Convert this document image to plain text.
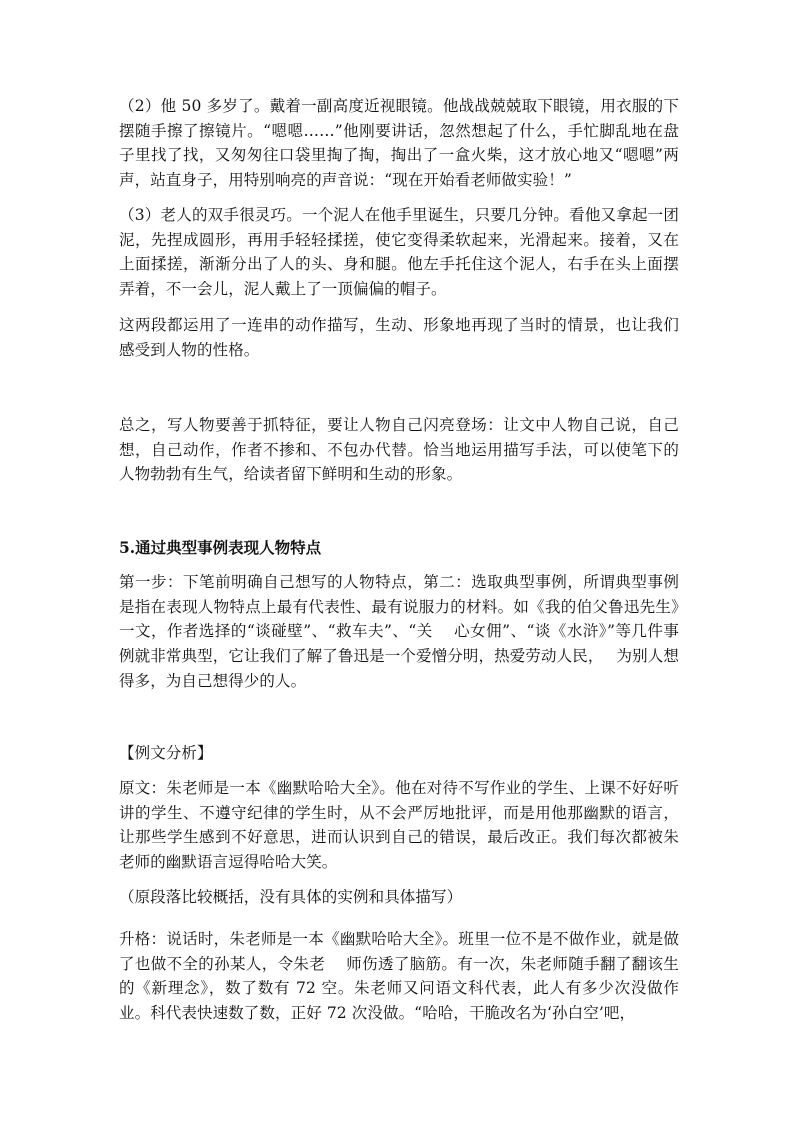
（2）他 50 多岁了。戴着一副高度近视眼镜。他战战兢兢取下眼镜，用衣服的下摆随手擦了擦镜片。“嗯嗯……”他刚要讲话，忽然想起了什么，手忙脚乱地在盘子里找了找，又匆匆往口袋里掏了掏，掏出了一盒火柴，这才放心地又“嗯嗯”两声，站直身子，用特别响亮的声音说：“现在开始看老师做实验！”

（3）老人的双手很灵巧。一个泥人在他手里诞生，只要几分钟。看他又拿起一团泥，先捏成圆形，再用手轻轻揉搓，使它变得柔软起来，光滑起来。接着，又在上面揉搓，渐渐分出了人的头、身和腿。他左手托住这个泥人，右手在头上面摆弄着，不一会儿，泥人戴上了一顶偏偏的帽子。

这两段都运用了一连串的动作描写，生动、形象地再现了当时的情景，也让我们感受到人物的性格。

总之，写人物要善于抓特征，要让人物自己闪亮登场：让文中人物自己说，自己想，自己动作，作者不掺和、不包办代替。恰当地运用描写手法，可以使笔下的人物勃勃有生气，给读者留下鲜明和生动的形象。

5.通过典型事例表现人物特点

第一步：下笔前明确自己想写的人物特点，第二：选取典型事例，所谓典型事例是指在表现人物特点上最有代表性、最有说服力的材料。如《我的伯父鲁迅先生》一文，作者选择的“谈碰壁”、“救车夫”、“关　 心女佣”、“谈《水浒》”等几件事例就非常典型，它让我们了解了鲁迅是一个爱憎分明，热爱劳动人民，　 为别人想得多，为自己想得少的人。

【例文分析】

原文：朱老师是一本《幽默哈哈大全》。他在对待不写作业的学生、上课不好好听讲的学生、不遵守纪律的学生时，从不会严厉地批评，而是用他那幽默的语言，让那些学生感到不好意思，进而认识到自己的错误，最后改正。我们每次都被朱老师的幽默语言逗得哈哈大笑。

（原段落比较概括，没有具体的实例和具体描写）

升格：说话时，朱老师是一本《幽默哈哈大全》。班里一位不是不做作业，就是做了也做不全的孙某人，令朱老　 师伤透了脑筋。有一次，朱老师随手翻了翻该生的《新理念》，数了数有 72 空。朱老师又问语文科代表，此人有多少次没做作业。科代表快速数了数，正好 72 次没做。“哈哈，干脆改名为‘孙白空’吧，
